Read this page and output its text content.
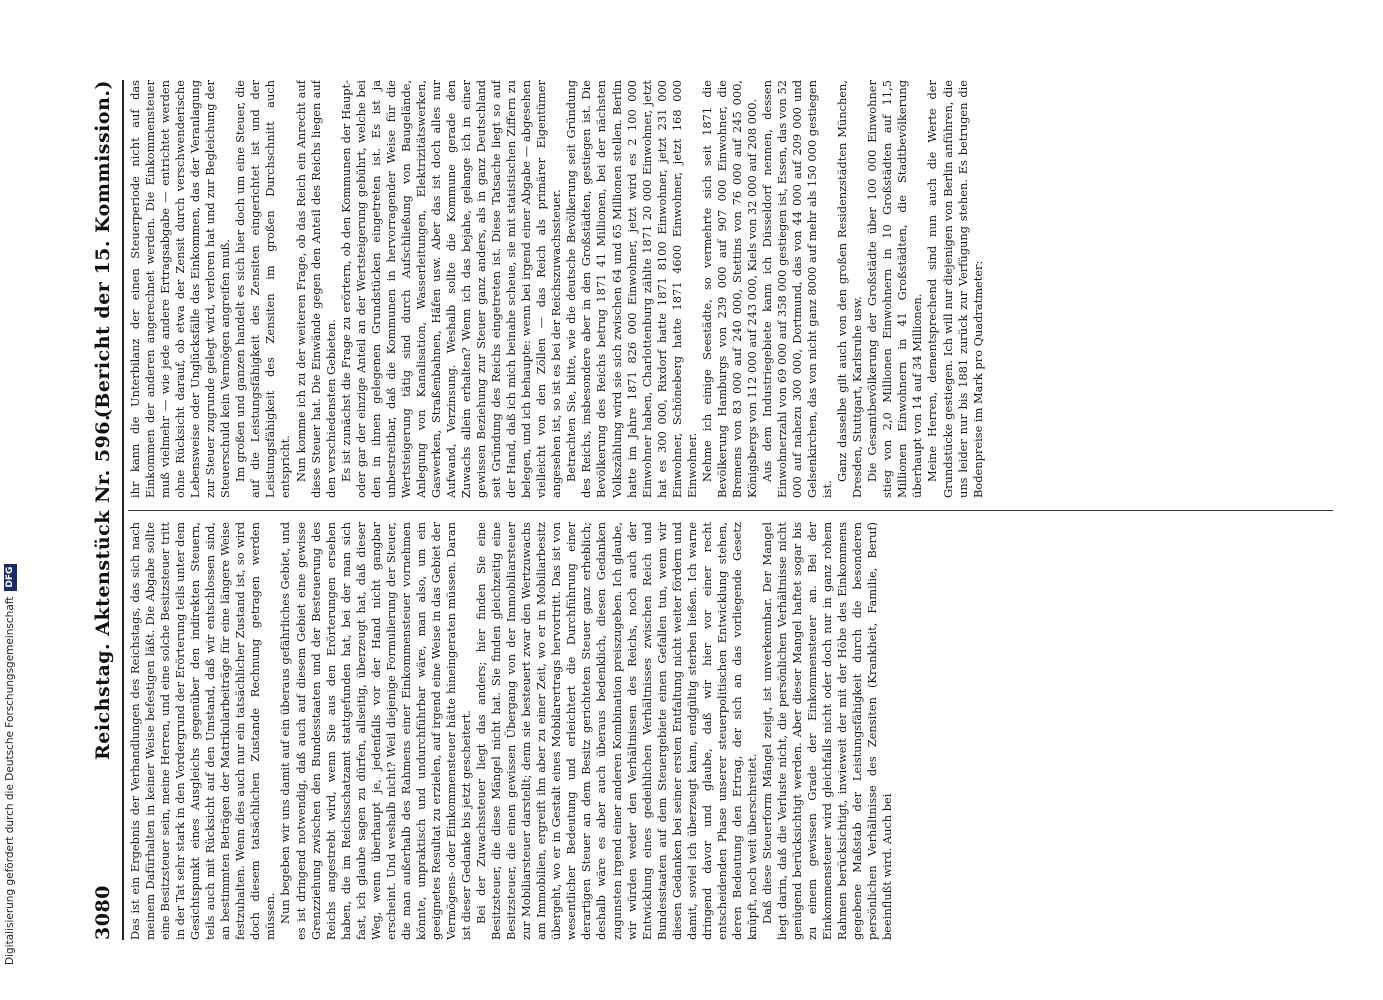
Digitalisierung gefördert durch die Deutsche ForschungsgemeinschaftDFG
3080
Reichstag. Aktenstück Nr. 596.
(Bericht der 15. Kommission.)

Das ist ein Ergebnis der Verhandlungen des Reichstags, das sich nach meinem Dafürhalten in keiner Weise befestigen läßt. Die Abgabe sollte eine Besitzsteuer sein, meine Herren, und eine solche Besitzsteuer tritt in der Tat sehr stark in den Vordergrund der Erörterung teils unter dem Gesichtspunkt eines Ausgleichs gegenüber den indirekten Steuern, teils auch mit Rücksicht auf den Umstand, daß wir entschlossen sind, an bestimmten Beträgen der Matrikularbeiträge für eine längere Weise festzuhalten. Wenn dies auch nur ein tatsächlicher Zustand ist, so wird doch diesem tatsächlichen Zustande Rechnung getragen werden müssen. Nun begeben wir uns damit auf ein überaus gefährliches Gebiet, und es ist dringend notwendig, daß auch auf diesem Gebiet eine gewisse Grenzziehung zwischen den Bundesstaaten und der Besteuerung des Reichs angestrebt wird, wenn Sie aus den Erörterungen ersehen haben, die im Reichsschatzamt stattgefunden hat, bei der man sich fast, ich glaube sagen zu dürfen, allseitig, überzeugt hat, daß dieser Weg, wenn überhaupt je, jedenfalls vor der Hand nicht gangbar erscheint. Und weshalb nicht? Weil diejenige Formulierung der Steuer, die man außerhalb des Rahmens einer Einkommensteuer vornehmen könnte, unpraktisch und undurchführbar wäre, man also, um ein geeignetes Resultat zu erzielen, auf irgend eine Weise in das Gebiet der Vermögens- oder Einkommensteuer hätte hineingeraten müssen. Daran ist dieser Gedanke bis jetzt gescheitert. Bei der Zuwachssteuer liegt das anders; hier finden Sie eine Besitzsteuer, die diese Mängel nicht hat. Sie finden gleichzeitig eine Besitzsteuer, die einen gewissen Übergang von der Immobiliarsteuer zur Mobiliarsteuer darstellt; denn sie besteuert zwar den Wertzuwachs am Immobilien, ergreift ihn aber zu einer Zeit, wo er in Mobiliarbesitz übergeht, wo er in Gestalt eines Mobilarertrags hervortritt. Das ist von wesentlicher Bedeutung und erleichtert die Durchführung einer derartigen Steuer an dem Besitz gerichteten Steuer ganz erheblich; deshalb wäre es aber auch überaus bedenklich, diesen Gedanken zugunsten irgend einer anderen Kombination preiszugeben. Ich glaube, wir würden weder den Verhältnissen des Reichs, noch auch der Entwicklung eines gedeihlichen Verhältnisses zwischen Reich und Bundesstaaten auf dem Steuergebiete einen Gefallen tun, wenn wir diesen Gedanken bei seiner ersten Entfaltung nicht weiter fördern und damit, soviel ich überzeugt kann, endgültig sterben ließen. Ich warne dringend davor und glaube, daß wir hier vor einer recht entscheidenden Phase unserer steuerpolitischen Entwicklung stehen, deren Bedeutung den Ertrag, der sich an das vorliegende Gesetz knüpft, noch weit überschreitet. Daß diese Steuerform Mängel zeigt, ist unverkennbar. Der Mangel liegt darin, daß die Verluste nicht, die persönlichen Verhältnisse nicht genügend berücksichtigt werden. Aber dieser Mangel haftet sogar bis zu einem gewissen Grade der Einkommensteuer an. Bei der Einkommensteuer wird gleichfalls nicht oder doch nur in ganz rohem Rahmen berücksichtigt, inwieweit der mit der Höhe des Einkommens gegebene Maßstab der Leistungsfähigkeit durch die besonderen persönlichen Verhältnisse des Zensiten (Krankheit, Familie, Beruf) beeinflußt wird. Auch bei

ihr kann die Unterbilanz der einen Steuerperiode nicht auf das Einkommen der anderen angerechnet werden. Die Einkommensteuer muß vielmehr — wie jede andere Ertragsabgabe — entrichtet werden ohne Rücksicht darauf, ob etwa der Zensit durch verschwenderische Lebensweise oder Unglücksfälle das Einkommen, das der Veranlagung zur Steuer zugrunde gelegt wird, verloren hat und zur Begleichung der Steuerschuld kein Vermögen angreifen muß. Im großen und ganzen handelt es sich hier doch um eine Steuer, die auf die Leistungsfähigkeit des Zensiten eingerichtet ist und der Leistungsfähigkeit des Zensiten im großen Durchschnitt auch entspricht. Nun komme ich zu der weiteren Frage, ob das Reich ein Anrecht auf diese Steuer hat. Die Einwände gegen den Anteil des Reichs liegen auf den verschiedensten Gebieten. Es ist zunächst die Frage zu erörtern, ob den Kommunen der Haupt- oder gar der einzige Anteil an der Wertsteigerung gebührt, welche bei den in ihnen gelegenen Grundstücken eingetreten ist. Es ist ja unbestreitbar, daß die Kommunen in hervorragender Weise für die Wertsteigerung tätig sind durch Aufschließung von Baugelände, Anlegung von Kanalisation, Wasserleitungen, Elektrizitätswerken, Gaswerken, Straßenbahnen, Häfen usw. Aber das ist doch alles nur Aufwand, Verzinsung. Weshalb sollte die Kommune gerade den Zuwachs allein erhalten? Wenn ich das bejahe, gelange ich in einer gewissen Beziehung zur Steuer ganz anders, als in ganz Deutschland seit Gründung des Reichs eingetreten ist. Diese Tatsache liegt so auf der Hand, daß ich mich beinahe scheue, sie mit statistischen Ziffern zu belegen, und ich behaupte: wenn bei irgend einer Abgabe — abgesehen vielleicht von den Zöllen — das Reich als primärer Eigentümer angesehen ist, so ist es bei der Reichszuwachssteuer. Betrachten Sie, bitte, wie die deutsche Bevölkerung seit Gründung des Reichs, insbesondere aber in den Großstädten, gestiegen ist. Die Bevölkerung des Reichs betrug 1871 41 Millionen, bei der nächsten Volkszählung wird sie sich zwischen 64 und 65 Millionen stellen. Berlin hatte im Jahre 1871 826 000 Einwohner, jetzt wird es 2 100 000 Einwohner haben, Charlottenburg zählte 1871 20 000 Einwohner, jetzt hat es 300 000, Rixdorf hatte 1871 8100 Einwohner, jetzt 231 000 Einwohner, Schöneberg hatte 1871 4600 Einwohner, jetzt 168 000 Einwohner. Nehme ich einige Seestädte, so vermehrte sich seit 1871 die Bevölkerung Hamburgs von 239 000 auf 907 000 Einwohner, die Bremens von 83 000 auf 240 000, Stettins von 76 000 auf 245 000, Königsbergs von 112 000 auf 243 000, Kiels von 32 000 auf 208 000. Aus dem Industriegebiete kann ich Düsseldorf nennen, dessen Einwohnerzahl von 69 000 auf 358 000 gestiegen ist, Essen, das von 52 000 auf nahezu 300 000, Dortmund, das von 44 000 auf 209 000 und Gelsenkirchen, das von nicht ganz 8000 auf mehr als 150 000 gestiegen ist.

Ganz dasselbe gilt auch von den großen Residenzstädten München, Dresden, Stuttgart, Karlsruhe usw. Die Gesamtbevölkerung der Großstädte über 100 000 Einwohner stieg von 2,0 Millionen Einwohnern in 10 Großstädten auf 11,5 Millionen Einwohnern in 41 Großstädten, die Stadtbevölkerung überhaupt von 14 auf 34 Millionen. Meine Herren, dementsprechend sind nun auch die Werte der Grundstücke gestiegen. Ich will nur diejenigen von Berlin anführen, die uns leider nur bis 1881 zurück zur Verfügung stehen. Es betrugen die Bodenpreise im Mark pro Quadratmeter:
